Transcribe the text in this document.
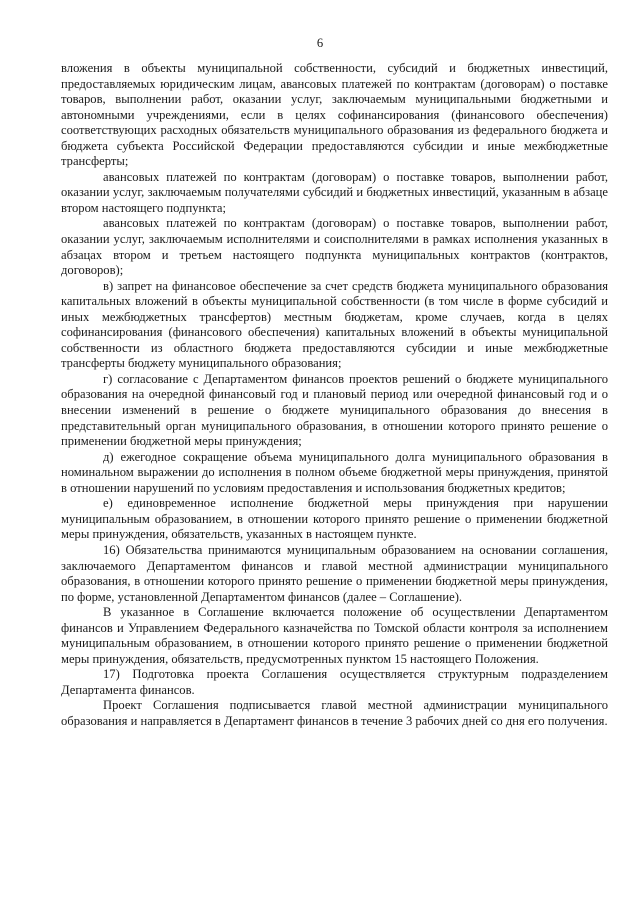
6

вложения в объекты муниципальной собственности, субсидий и бюджетных инвестиций, предоставляемых юридическим лицам, авансовых платежей по контрактам (договорам) о поставке товаров, выполнении работ, оказании услуг, заключаемым муниципальными бюджетными и автономными учреждениями, если в целях софинансирования (финансового обеспечения) соответствующих расходных обязательств муниципального образования из федерального бюджета и бюджета субъекта Российской Федерации предоставляются субсидии и иные межбюджетные трансферты;

авансовых платежей по контрактам (договорам) о поставке товаров, выполнении работ, оказании услуг, заключаемым получателями субсидий и бюджетных инвестиций, указанным в абзаце втором настоящего подпункта;

авансовых платежей по контрактам (договорам) о поставке товаров, выполнении работ, оказании услуг, заключаемым исполнителями и соисполнителями в рамках исполнения указанных в абзацах втором и третьем настоящего подпункта муниципальных контрактов (контрактов, договоров);

в) запрет на финансовое обеспечение за счет средств бюджета муниципального образования капитальных вложений в объекты муниципальной собственности (в том числе в форме субсидий и иных межбюджетных трансфертов) местным бюджетам, кроме случаев, когда в целях софинансирования (финансового обеспечения) капитальных вложений в объекты муниципальной собственности из областного бюджета предоставляются субсидии и иные межбюджетные трансферты бюджету муниципального образования;

г) согласование с Департаментом финансов проектов решений о бюджете муниципального образования на очередной финансовый год и плановый период или очередной финансовый год и о внесении изменений в решение о бюджете муниципального образования до внесения в представительный орган муниципального образования, в отношении которого принято решение о применении бюджетной меры принуждения;

д) ежегодное сокращение объема муниципального долга муниципального образования в номинальном выражении до исполнения в полном объеме бюджетной меры принуждения, принятой в отношении нарушений по условиям предоставления и использования бюджетных кредитов;

е) единовременное исполнение бюджетной меры принуждения при нарушении муниципальным образованием, в отношении которого принято решение о применении бюджетной меры принуждения, обязательств, указанных в настоящем пункте.

16) Обязательства принимаются муниципальным образованием на основании соглашения, заключаемого Департаментом финансов и главой местной администрации муниципального образования, в отношении которого принято решение о применении бюджетной меры принуждения, по форме, установленной Департаментом финансов (далее – Соглашение).

В указанное в Соглашение включается положение об осуществлении Департаментом финансов и Управлением Федерального казначейства по Томской области контроля за исполнением муниципальным образованием, в отношении которого принято решение о применении бюджетной меры принуждения, обязательств, предусмотренных пунктом 15 настоящего Положения.

17) Подготовка проекта Соглашения осуществляется структурным подразделением Департамента финансов.

Проект Соглашения подписывается главой местной администрации муниципального образования и направляется в Департамент финансов в течение 3 рабочих дней со дня его получения.
